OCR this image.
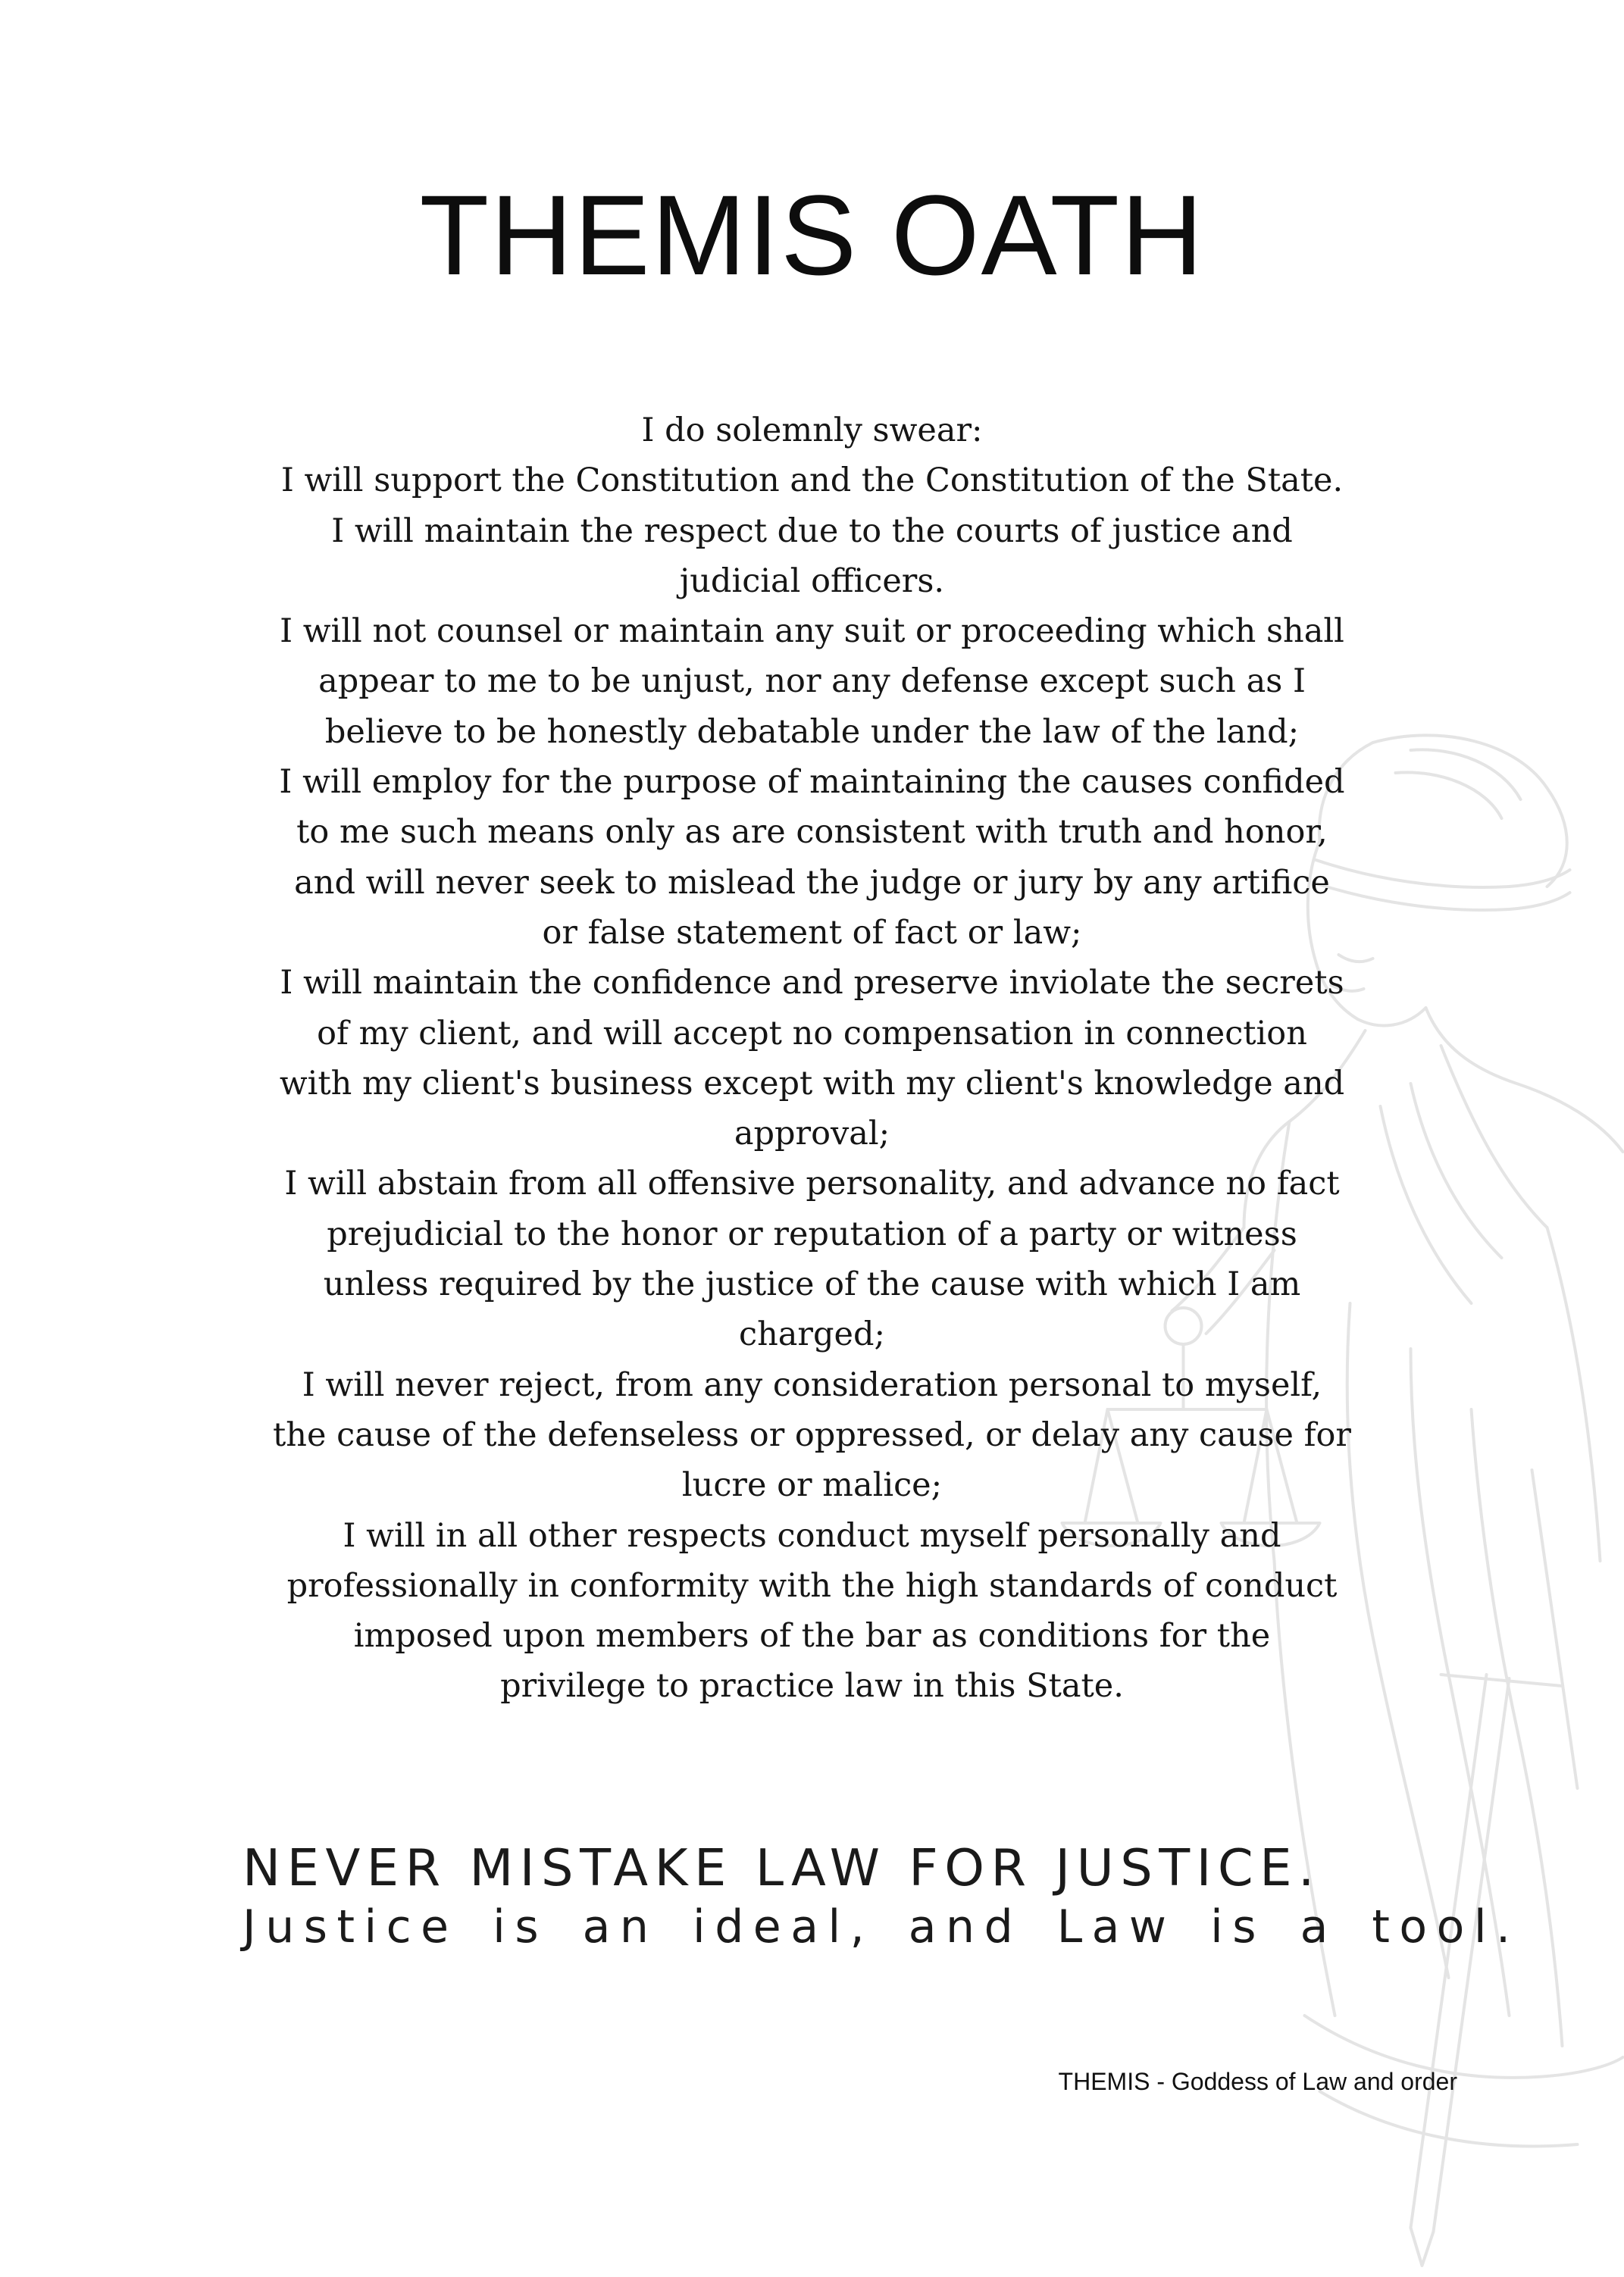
THEMIS OATH
I do solemnly swear:
I will support the Constitution and the Constitution of the State.
I will maintain the respect due to the courts of justice and
judicial officers.
I will not counsel or maintain any suit or proceeding which shall
appear to me to be unjust, nor any defense except such as I
believe to be honestly debatable under the law of the land;
I will employ for the purpose of maintaining the causes confided
to me such means only as are consistent with truth and honor,
and will never seek to mislead the judge or jury by any artifice
or false statement of fact or law;
I will maintain the confidence and preserve inviolate the secrets
of my client, and will accept no compensation in connection
with my client's business except with my client's knowledge and
approval;
I will abstain from all offensive personality, and advance no fact
prejudicial to the honor or reputation of a party or witness
unless required by the justice of the cause with which I am
charged;
I will never reject, from any consideration personal to myself,
the cause of the defenseless or oppressed, or delay any cause for
lucre or malice;
I will in all other respects conduct myself personally and
professionally in conformity with the high standards of conduct
imposed upon members of the bar as conditions for the
privilege to practice law in this State.
NEVER MISTAKE LAW FOR JUSTICE.
Justice is an ideal, and Law is a tool.
THEMIS - Goddess of Law and order
